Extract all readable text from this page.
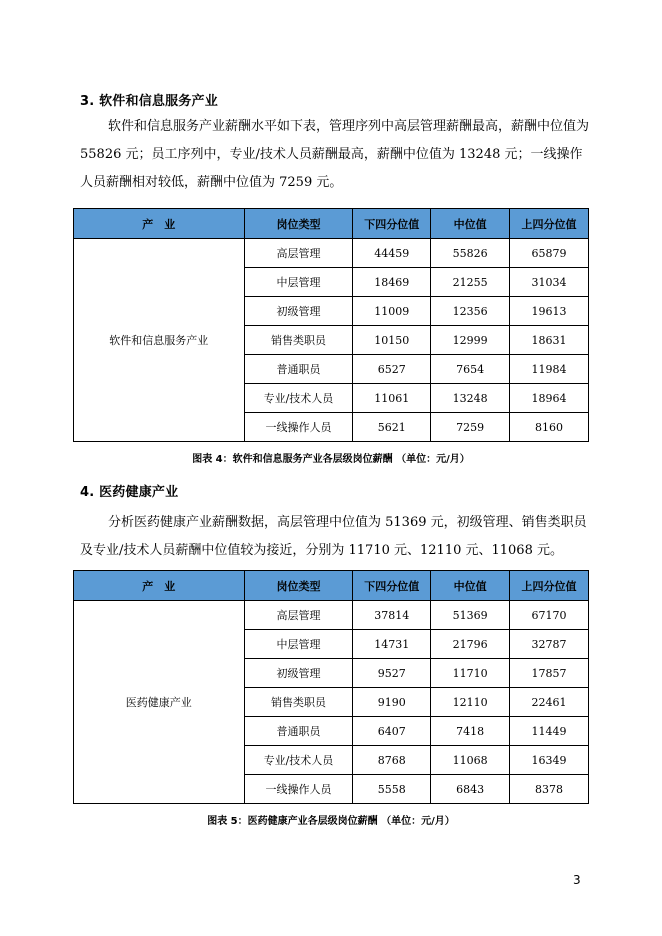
3. 软件和信息服务产业

软件和信息服务产业薪酬水平如下表，管理序列中高层管理薪酬最高，薪酬中位值为 55826 元；员工序列中，专业/技术人员薪酬最高，薪酬中位值为 13248 元；一线操作人员薪酬相对较低，薪酬中位值为 7259 元。

产　业	岗位类型	下四分位值	中位值	上四分位值
软件和信息服务产业	高层管理	44459	55826	65879
	中层管理	18469	21255	31034
	初级管理	11009	12356	19613
	销售类职员	10150	12999	18631
	普通职员	6527	7654	11984
	专业/技术人员	11061	13248	18964
	一线操作人员	5621	7259	8160

图表 4：软件和信息服务产业各层级岗位薪酬 （单位：元/月）

4. 医药健康产业

分析医药健康产业薪酬数据，高层管理中位值为 51369 元，初级管理、销售类职员及专业/技术人员薪酬中位值较为接近，分别为 11710 元、12110 元、11068 元。

产　业	岗位类型	下四分位值	中位值	上四分位值
医药健康产业	高层管理	37814	51369	67170
	中层管理	14731	21796	32787
	初级管理	9527	11710	17857
	销售类职员	9190	12110	22461
	普通职员	6407	7418	11449
	专业/技术人员	8768	11068	16349
	一线操作人员	5558	6843	8378

图表 5：医药健康产业各层级岗位薪酬 （单位：元/月）

3
